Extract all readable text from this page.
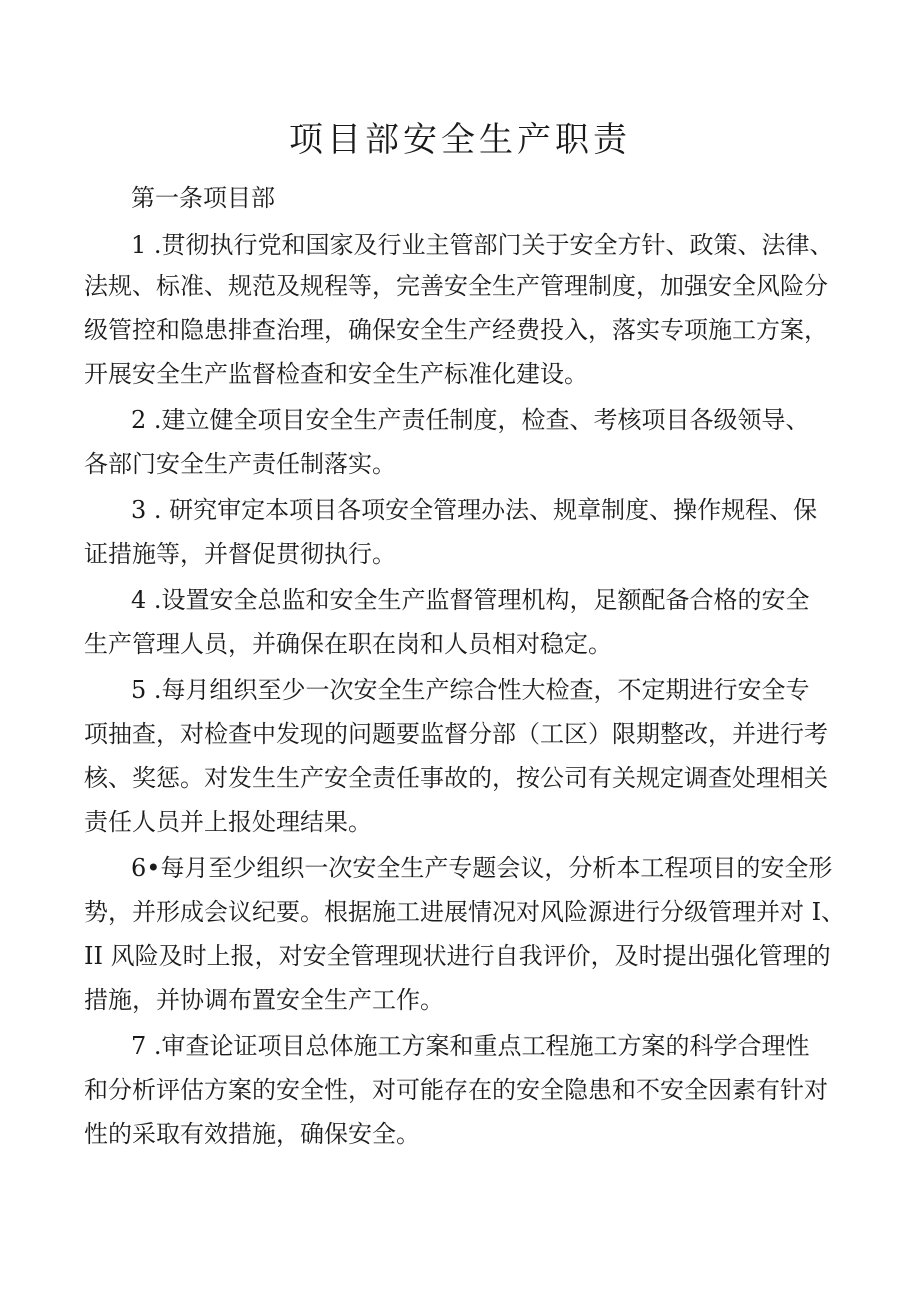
项目部安全生产职责

第一条项目部

1 .贯彻执行党和国家及行业主管部门关于安全方针、政策、法律、

法规、标准、规范及规程等，完善安全生产管理制度，加强安全风险分

级管控和隐患排查治理，确保安全生产经费投入，落实专项施工方案，

开展安全生产监督检查和安全生产标准化建设。

2 .建立健全项目安全生产责任制度，检查、考核项目各级领导、

各部门安全生产责任制落实。

3 . 研究审定本项目各项安全管理办法、规章制度、操作规程、保

证措施等，并督促贯彻执行。

4 .设置安全总监和安全生产监督管理机构，足额配备合格的安全

生产管理人员，并确保在职在岗和人员相对稳定。

5 .每月组织至少一次安全生产综合性大检查，不定期进行安全专

项抽查，对检查中发现的问题要监督分部（工区）限期整改，并进行考

核、奖惩。对发生生产安全责任事故的，按公司有关规定调查处理相关

责任人员并上报处理结果。

6•每月至少组织一次安全生产专题会议，分析本工程项目的安全形

势，并形成会议纪要。根据施工进展情况对风险源进行分级管理并对 I、

II 风险及时上报，对安全管理现状进行自我评价，及时提出强化管理的

措施，并协调布置安全生产工作。

7 .审查论证项目总体施工方案和重点工程施工方案的科学合理性

和分析评估方案的安全性，对可能存在的安全隐患和不安全因素有针对

性的采取有效措施，确保安全。
